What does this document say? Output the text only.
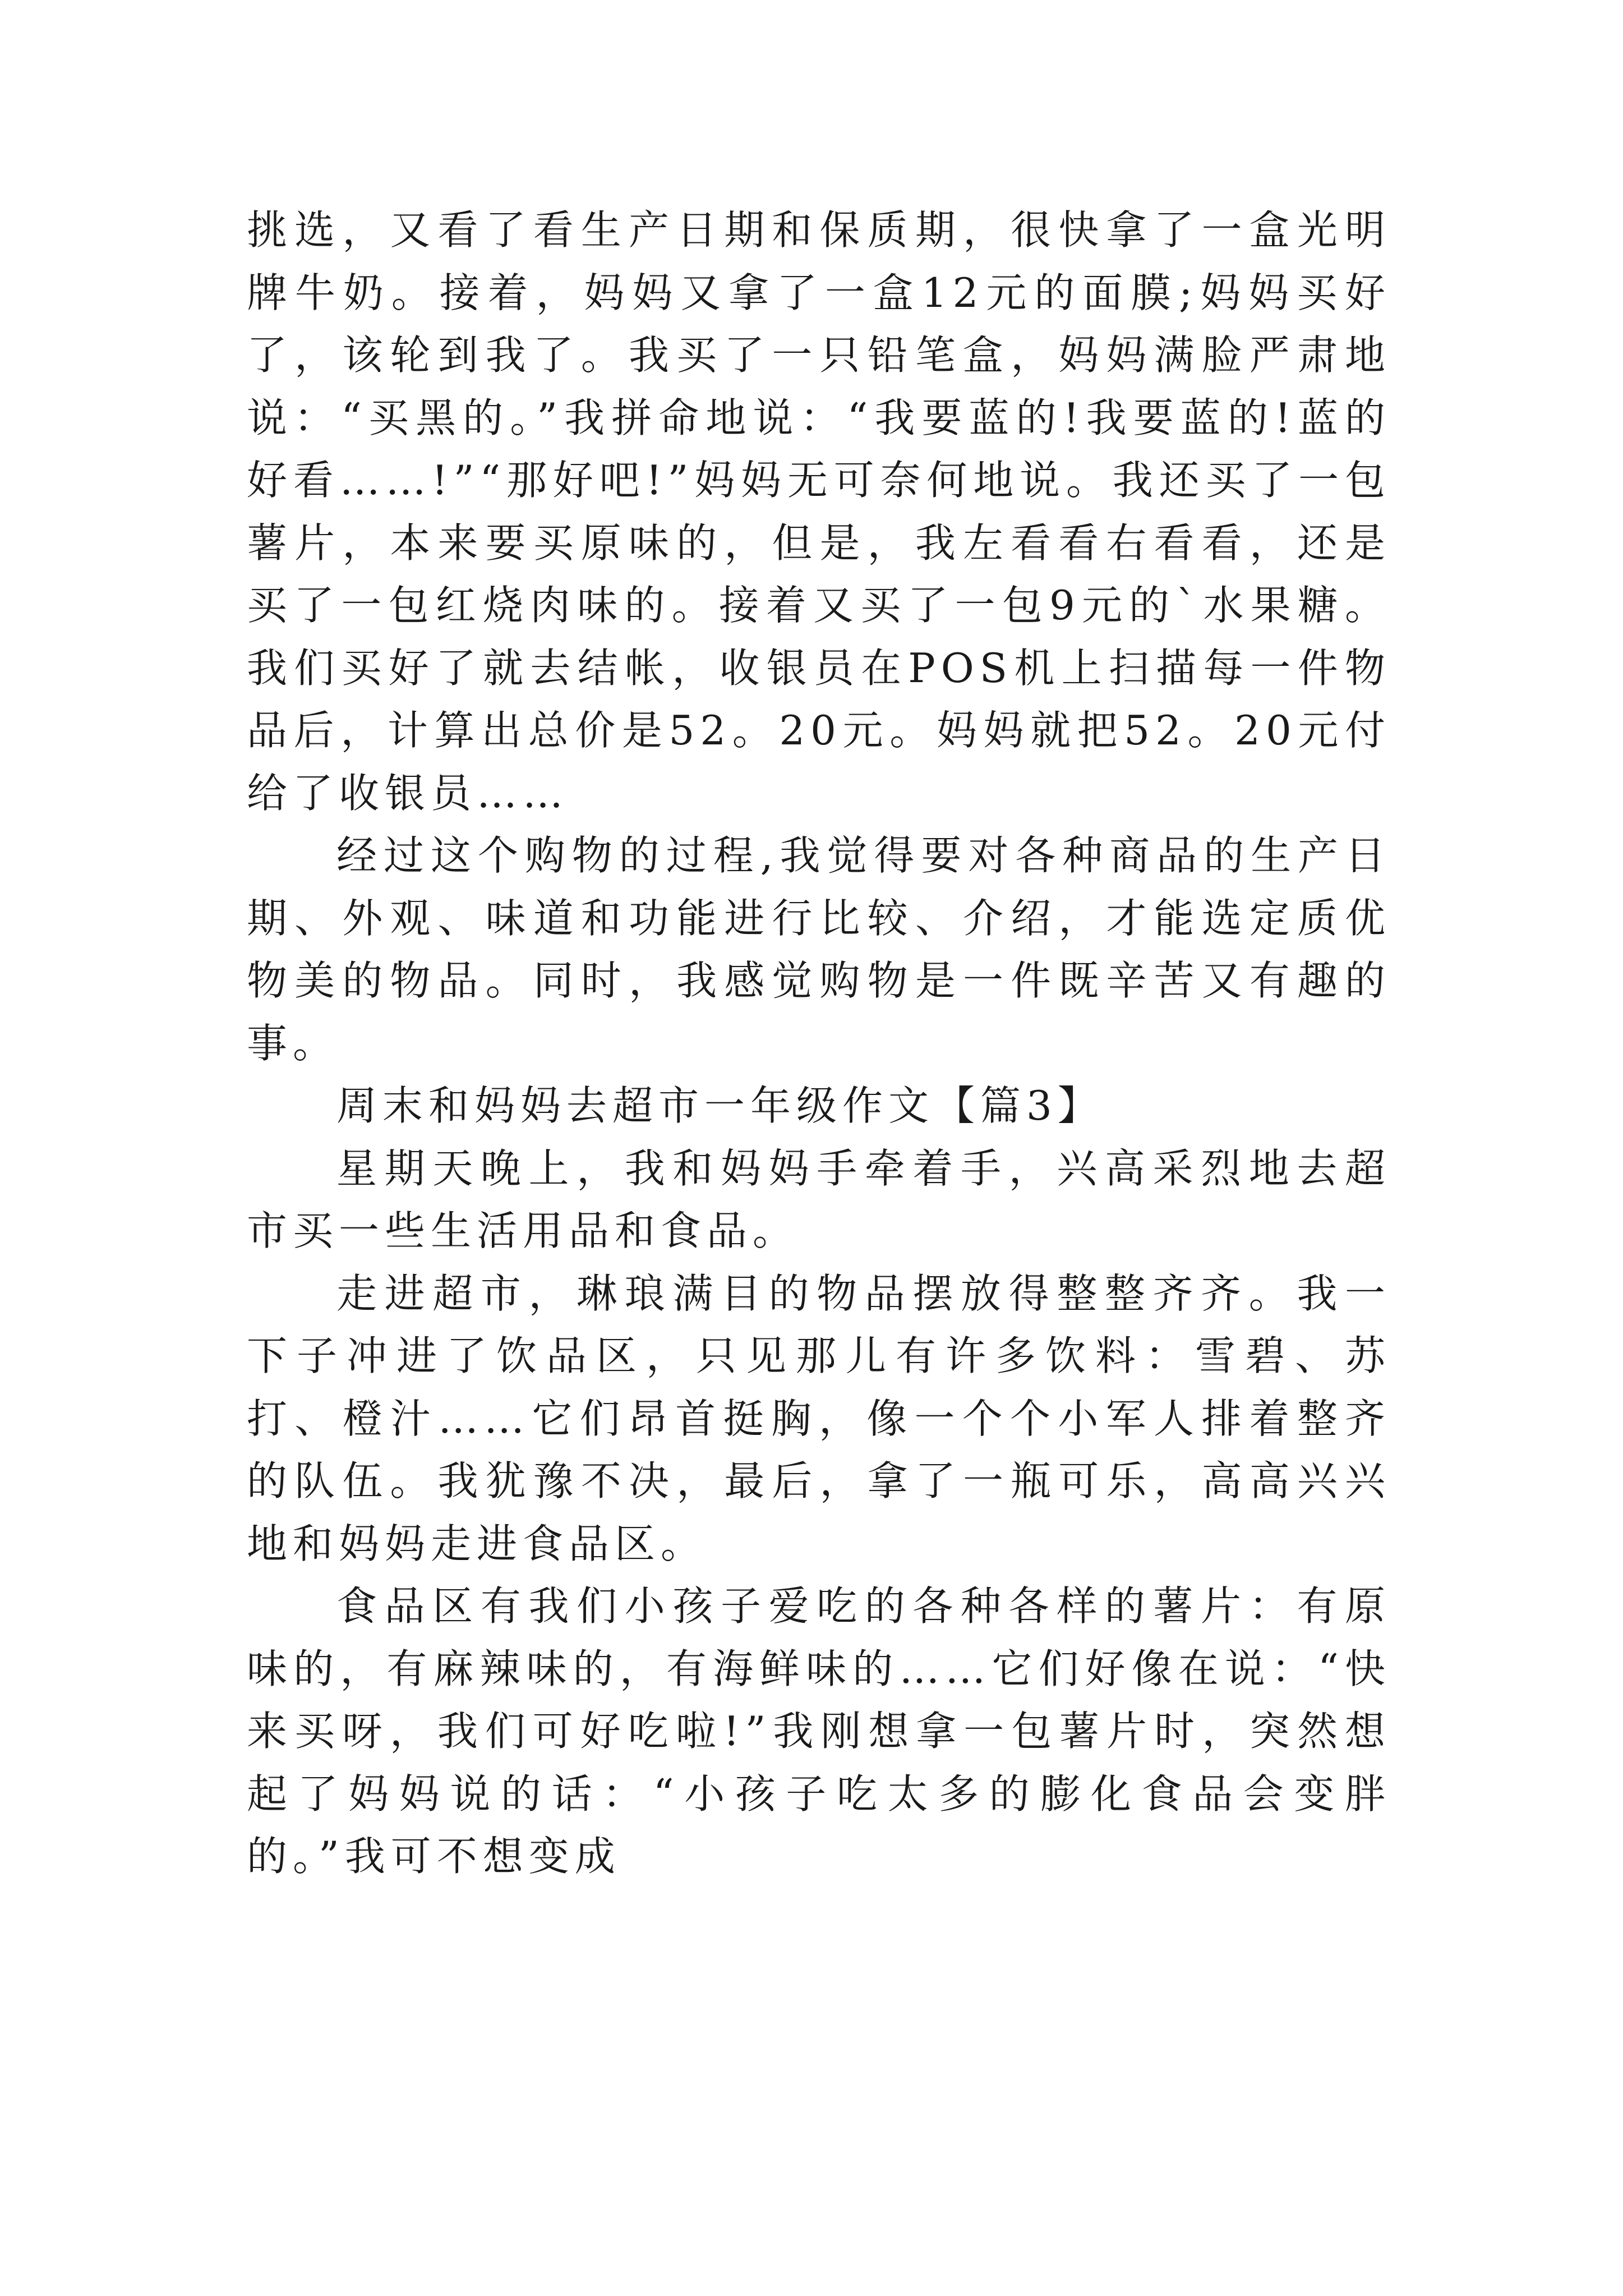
挑选，又看了看生产日期和保质期，很快拿了一盒光明牌牛奶。接着，妈妈又拿了一盒12元的面膜;妈妈买好了，该轮到我了。我买了一只铅笔盒，妈妈满脸严肃地说：“买黑的。”我拼命地说：“我要蓝的!我要蓝的!蓝的好看……!”“那好吧!”妈妈无可奈何地说。我还买了一包薯片，本来要买原味的，但是，我左看看右看看，还是买了一包红烧肉味的。接着又买了一包9元的`水果糖。我们买好了就去结帐，收银员在POS机上扫描每一件物品后，计算出总价是52。20元。妈妈就把52。20元付给了收银员……

经过这个购物的过程,我觉得要对各种商品的生产日期、外观、味道和功能进行比较、介绍，才能选定质优物美的物品。同时，我感觉购物是一件既辛苦又有趣的事。

周末和妈妈去超市一年级作文【篇3】

星期天晚上，我和妈妈手牵着手，兴高采烈地去超市买一些生活用品和食品。

走进超市，琳琅满目的物品摆放得整整齐齐。我一下子冲进了饮品区，只见那儿有许多饮料：雪碧、苏打、橙汁……它们昂首挺胸，像一个个小军人排着整齐的队伍。我犹豫不决，最后，拿了一瓶可乐，高高兴兴地和妈妈走进食品区。

食品区有我们小孩子爱吃的各种各样的薯片：有原味的，有麻辣味的，有海鲜味的……它们好像在说：“快来买呀，我们可好吃啦!”我刚想拿一包薯片时，突然想起了妈妈说的话：“小孩子吃太多的膨化食品会变胖的。”我可不想变成
